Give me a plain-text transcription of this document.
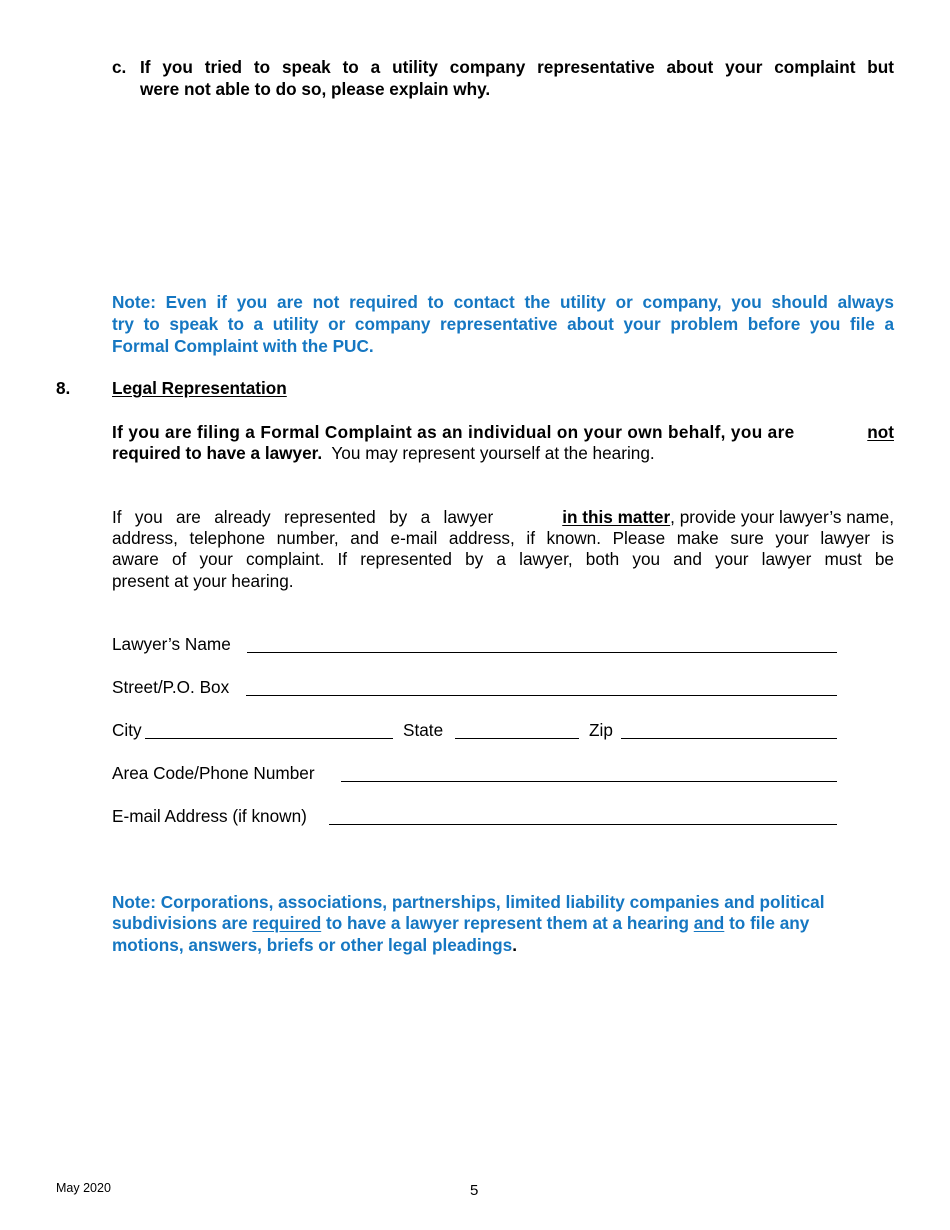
c. If you tried to speak to a utility company representative about your complaint but
were not able to do so, please explain why.
Note: Even if you are not required to contact the utility or company, you should always
try to speak to a utility or company representative about your problem before you file a
Formal Complaint with the PUC.
8. Legal Representation
If you are filing a Formal Complaint as an individual on your own behalf, you are	not
required to have a lawyer.  You may represent yourself at the hearing.
If you are already represented by a lawyer	in this matter, provide your lawyer’s name,
address, telephone number, and e-mail address, if known. Please make sure your lawyer is
aware of your complaint. If represented by a lawyer, both you and your lawyer must be
present at your hearing.
Lawyer’s Name
Street/P.O. Box
City	State	Zip
Area Code/Phone Number
E-mail Address (if known)
Note: Corporations, associations, partnerships, limited liability companies and political
subdivisions are required to have a lawyer represent them at a hearing and to file any
motions, answers, briefs or other legal pleadings.
May 2020	5
